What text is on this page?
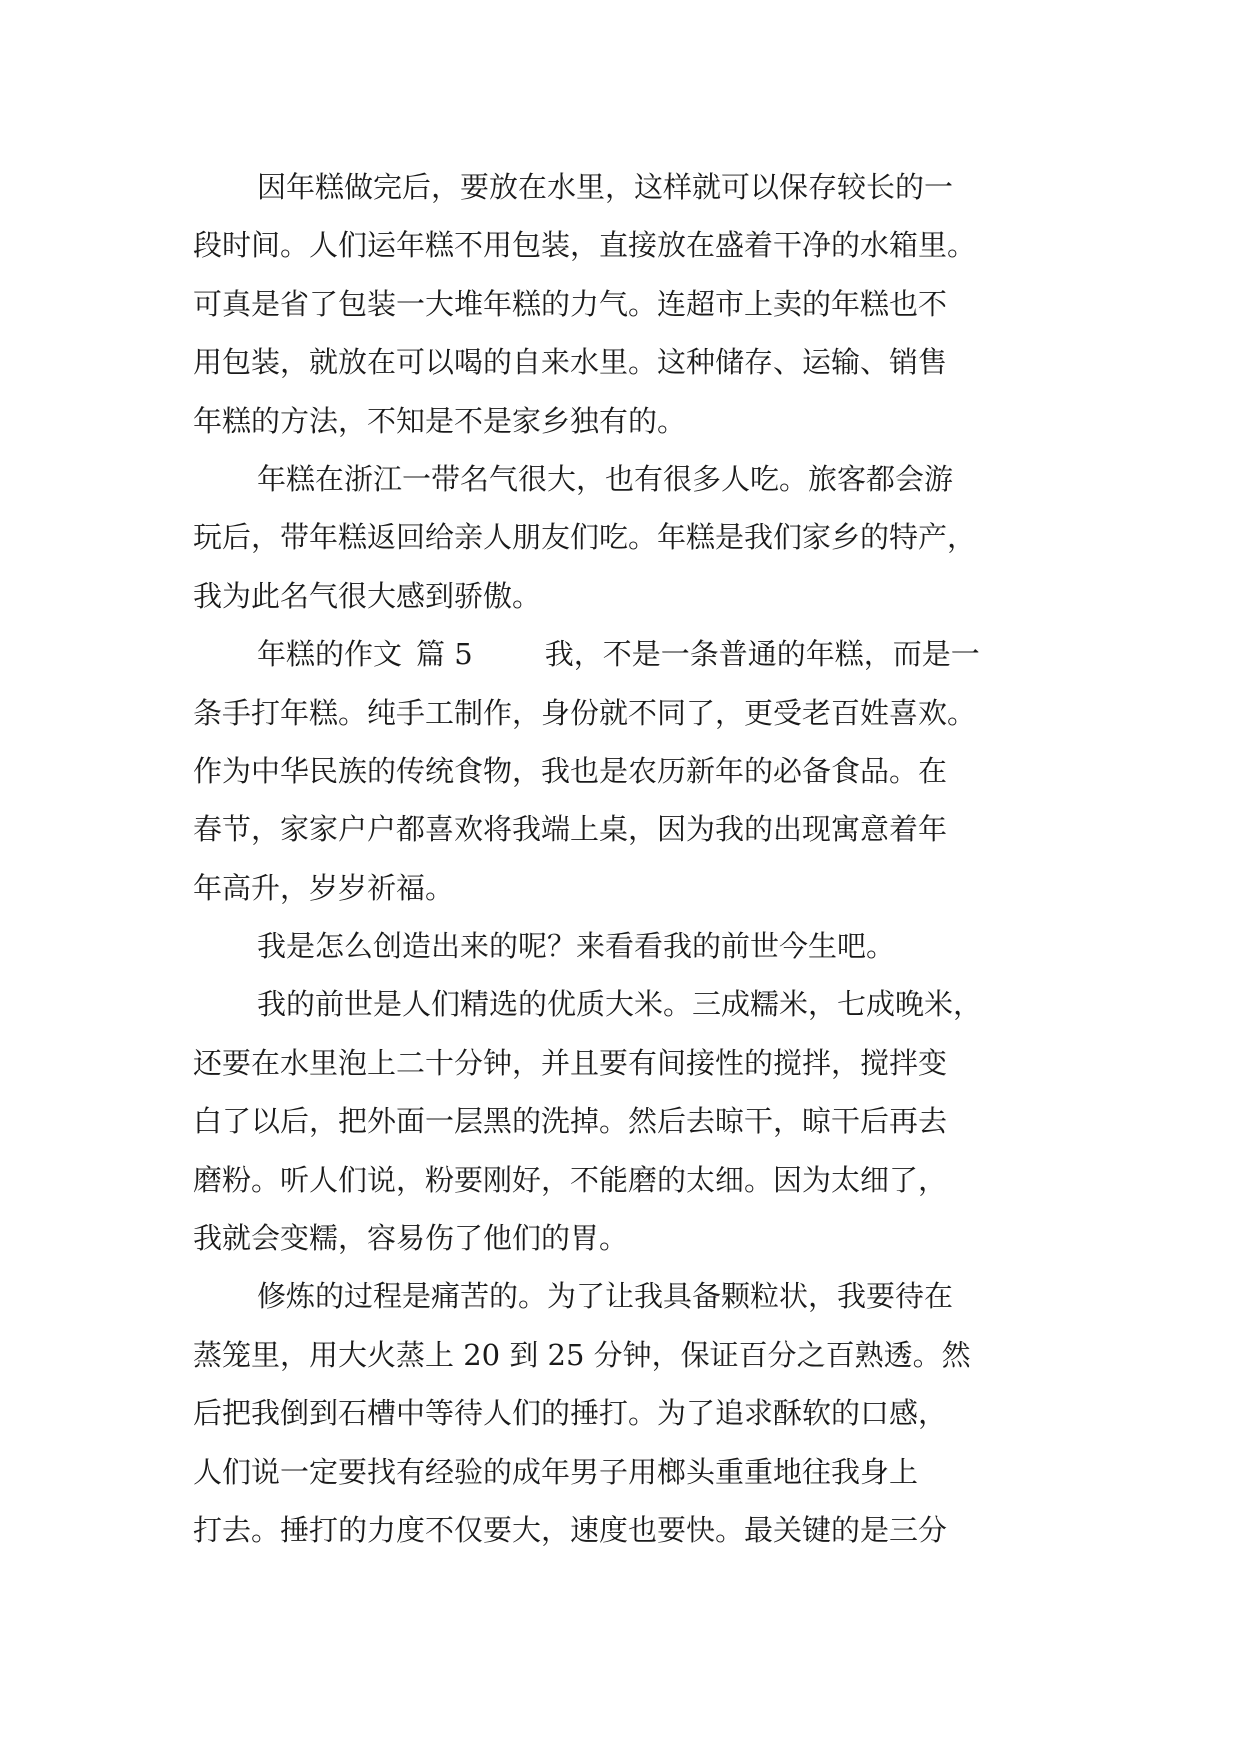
因年糕做完后，要放在水里，这样就可以保存较长的一
段时间。人们运年糕不用包装，直接放在盛着干净的水箱里。
可真是省了包装一大堆年糕的力气。连超市上卖的年糕也不
用包装，就放在可以喝的自来水里。这种储存、运输、销售
年糕的方法，不知是不是家乡独有的。
年糕在浙江一带名气很大，也有很多人吃。旅客都会游
玩后，带年糕返回给亲人朋友们吃。年糕是我们家乡的特产，
我为此名气很大感到骄傲。
年糕的作文 篇 5 我，不是一条普通的年糕，而是一
条手打年糕。纯手工制作，身份就不同了，更受老百姓喜欢。
作为中华民族的传统食物，我也是农历新年的必备食品。在
春节，家家户户都喜欢将我端上桌，因为我的出现寓意着年
年高升，岁岁祈福。
我是怎么创造出来的呢？来看看我的前世今生吧。
我的前世是人们精选的优质大米。三成糯米，七成晚米，
还要在水里泡上二十分钟，并且要有间接性的搅拌，搅拌变
白了以后，把外面一层黑的洗掉。然后去晾干，晾干后再去
磨粉。听人们说，粉要刚好，不能磨的太细。因为太细了，
我就会变糯，容易伤了他们的胃。
修炼的过程是痛苦的。为了让我具备颗粒状，我要待在
蒸笼里，用大火蒸上 20 到 25 分钟，保证百分之百熟透。然
后把我倒到石槽中等待人们的捶打。为了追求酥软的口感，
人们说一定要找有经验的成年男子用榔头重重地往我身上
打去。捶打的力度不仅要大，速度也要快。最关键的是三分
